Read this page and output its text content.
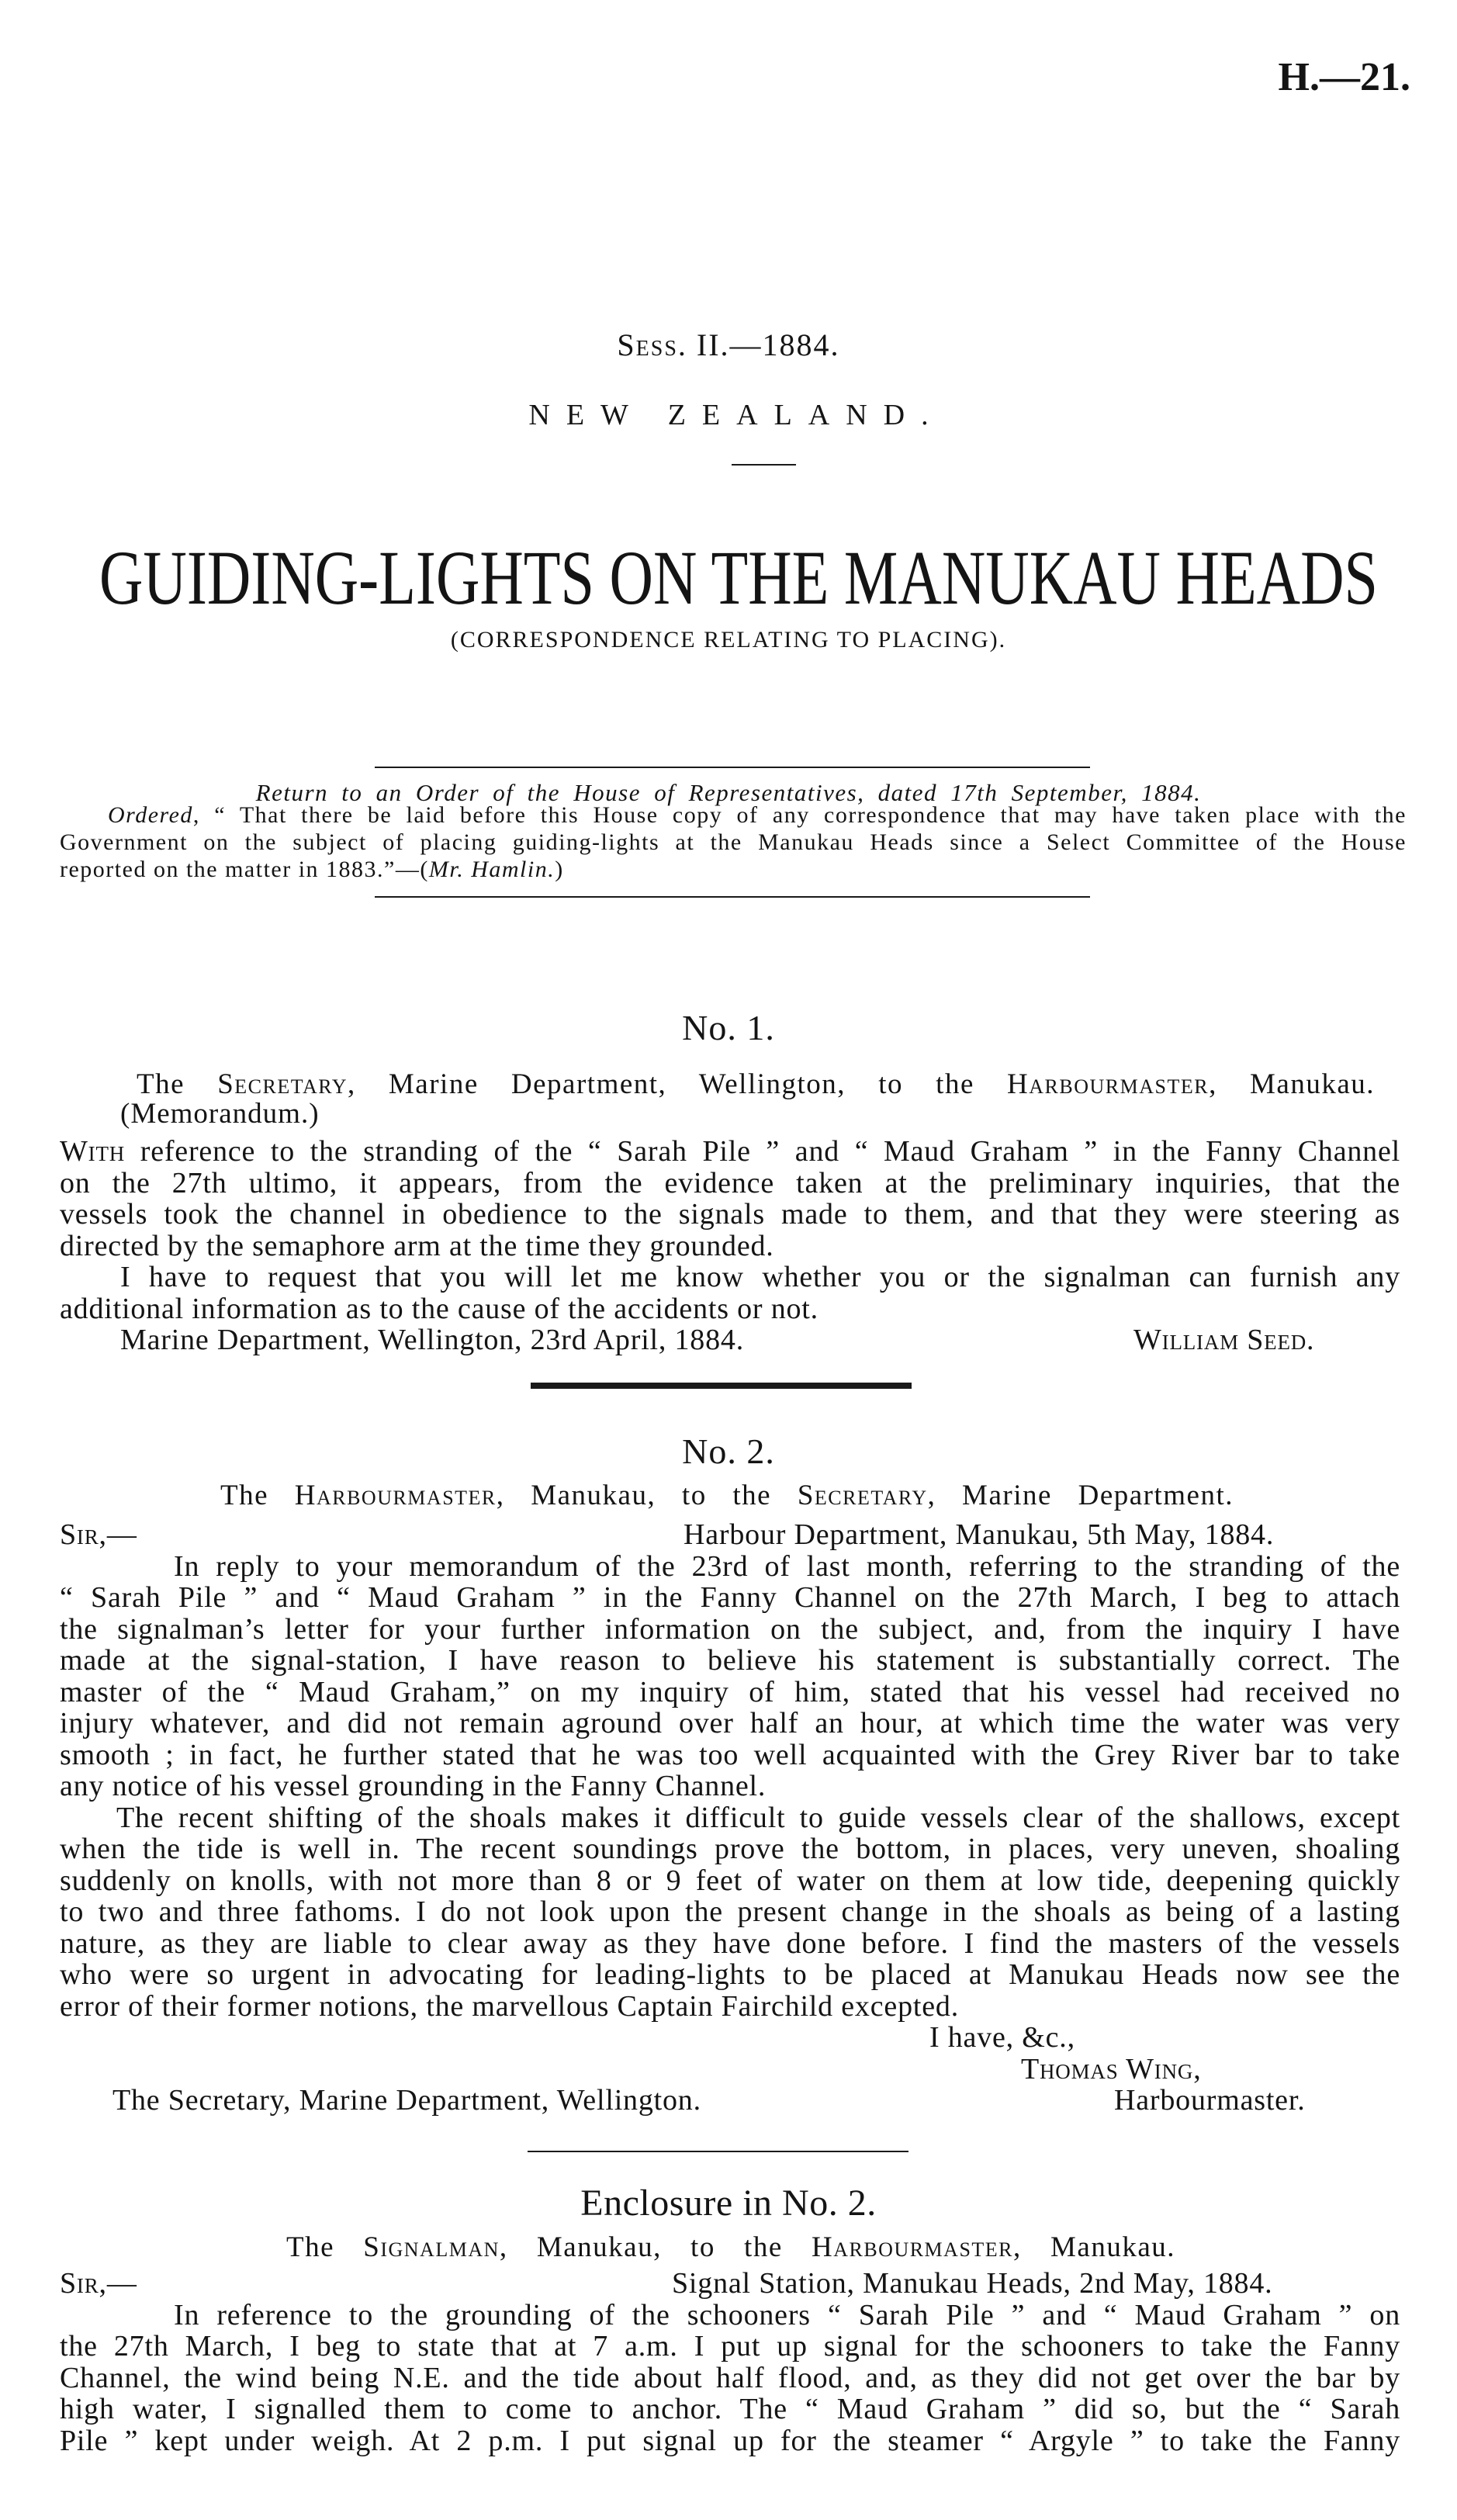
H.—21.
Sess. II.—1884.
NEW ZEALAND.
GUIDING-LIGHTS ON THE MANUKAU HEADS
(CORRESPONDENCE RELATING TO PLACING).
Return to an Order of the House of Representatives, dated 17th September, 1884.
Ordered, “ That there be laid before this House copy of any correspondence that may have taken place with the
Government on the subject of placing guiding-lights at the Manukau Heads since a Select Committee of the House
reported on the matter in 1883.”—(Mr. Hamlin.)
No. 1.
The Secretary, Marine Department, Wellington, to the Harbourmaster, Manukau.
(Memorandum.)
With reference to the stranding of the “ Sarah Pile ” and “ Maud Graham ” in the Fanny Channel
on the 27th ultimo, it appears, from the evidence taken at the preliminary inquiries, that the
vessels took the channel in obedience to the signals made to them, and that they were steering as
directed by the semaphore arm at the time they grounded.
I have to request that you will let me know whether you or the signalman can furnish any
additional information as to the cause of the accidents or not.
Marine Department, Wellington, 23rd April, 1884.	William Seed.
No. 2.
The Harbourmaster, Manukau, to the Secretary, Marine Department.
Sir,—	Harbour Department, Manukau, 5th May, 1884.
In reply to your memorandum of the 23rd of last month, referring to the stranding of the
“ Sarah Pile ” and “ Maud Graham ” in the Fanny Channel on the 27th March, I beg to attach
the signalman’s letter for your further information on the subject, and, from the inquiry I have
made at the signal-station, I have reason to believe his statement is substantially correct. The
master of the “ Maud Graham,” on my inquiry of him, stated that his vessel had received no
injury whatever, and did not remain aground over half an hour, at which time the water was very
smooth ; in fact, he further stated that he was too well acquainted with the Grey River bar to take
any notice of his vessel grounding in the Fanny Channel.
The recent shifting of the shoals makes it difficult to guide vessels clear of the shallows, except
when the tide is well in. The recent soundings prove the bottom, in places, very uneven, shoaling
suddenly on knolls, with not more than 8 or 9 feet of water on them at low tide, deepening quickly
to two and three fathoms. I do not look upon the present change in the shoals as being of a lasting
nature, as they are liable to clear away as they have done before. I find the masters of the vessels
who were so urgent in advocating for leading-lights to be placed at Manukau Heads now see the
error of their former notions, the marvellous Captain Fairchild excepted.
I have, &c.,
Thomas Wing,
The Secretary, Marine Department, Wellington.	Harbourmaster.
Enclosure in No. 2.
The Signalman, Manukau, to the Harbourmaster, Manukau.
Sir,—	Signal Station, Manukau Heads, 2nd May, 1884.
In reference to the grounding of the schooners “ Sarah Pile ” and “ Maud Graham ” on
the 27th March, I beg to state that at 7 a.m. I put up signal for the schooners to take the Fanny
Channel, the wind being N.E. and the tide about half flood, and, as they did not get over the bar by
high water, I signalled them to come to anchor. The “ Maud Graham ” did so, but the “ Sarah
Pile ” kept under weigh. At 2 p.m. I put signal up for the steamer “ Argyle ” to take the Fanny
